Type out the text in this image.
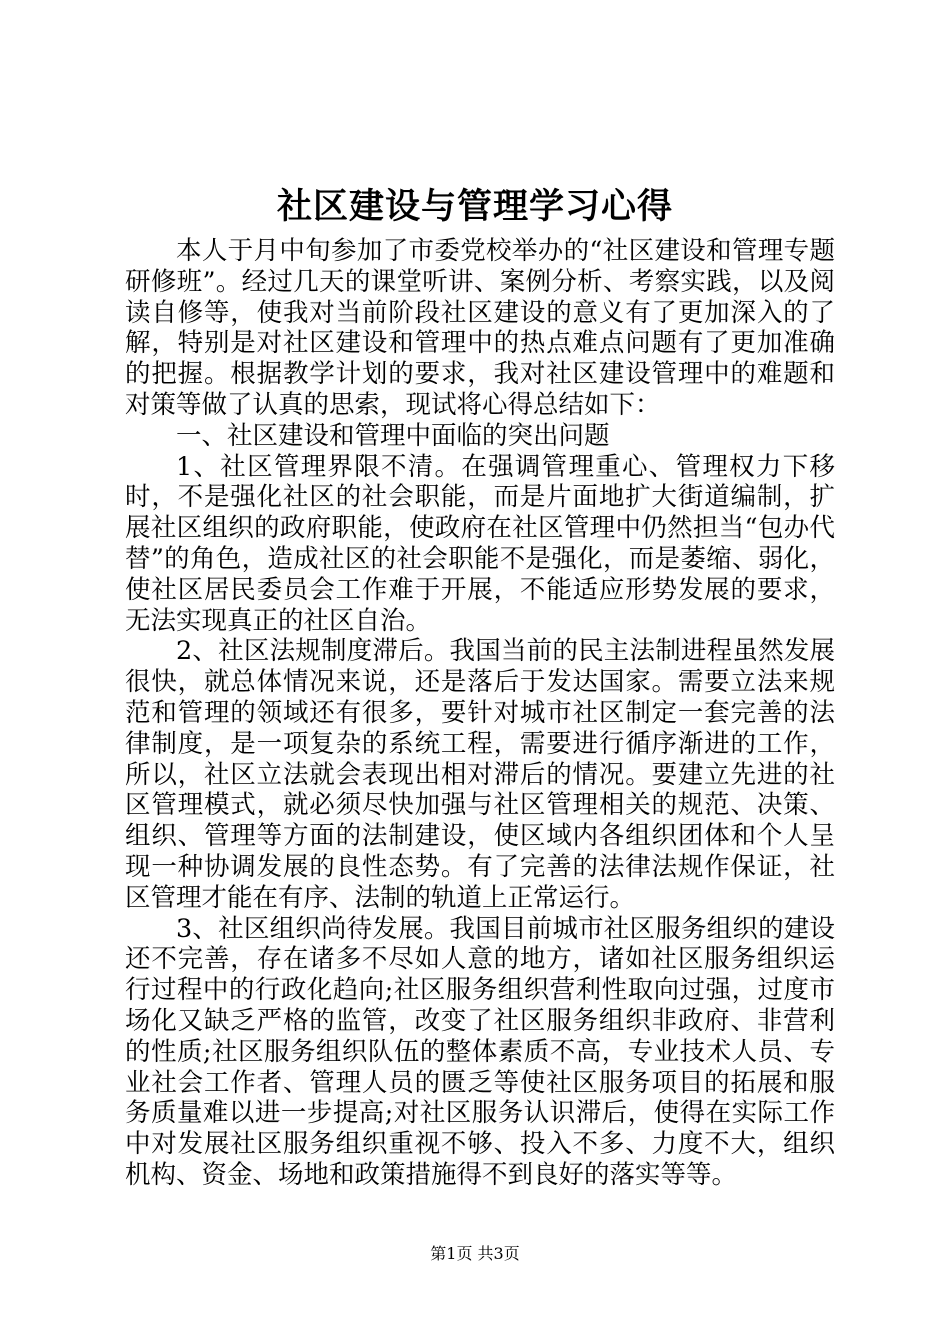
社区建设与管理学习心得

本人于月中旬参加了市委党校举办的“社区建设和管理专题研修班”。经过几天的课堂听讲、案例分析、考察实践，以及阅读自修等，使我对当前阶段社区建设的意义有了更加深入的了解，特别是对社区建设和管理中的热点难点问题有了更加准确的把握。根据教学计划的要求，我对社区建设管理中的难题和对策等做了认真的思索，现试将心得总结如下：

一、社区建设和管理中面临的突出问题

1、社区管理界限不清。在强调管理重心、管理权力下移时，不是强化社区的社会职能，而是片面地扩大街道编制，扩展社区组织的政府职能，使政府在社区管理中仍然担当“包办代替”的角色，造成社区的社会职能不是强化，而是萎缩、弱化，使社区居民委员会工作难于开展，不能适应形势发展的要求，无法实现真正的社区自治。

2、社区法规制度滞后。我国当前的民主法制进程虽然发展很快，就总体情况来说，还是落后于发达国家。需要立法来规范和管理的领域还有很多，要针对城市社区制定一套完善的法律制度，是一项复杂的系统工程，需要进行循序渐进的工作，所以，社区立法就会表现出相对滞后的情况。要建立先进的社区管理模式，就必须尽快加强与社区管理相关的规范、决策、组织、管理等方面的法制建设，使区域内各组织团体和个人呈现一种协调发展的良性态势。有了完善的法律法规作保证，社区管理才能在有序、法制的轨道上正常运行。

3、社区组织尚待发展。我国目前城市社区服务组织的建设还不完善，存在诸多不尽如人意的地方，诸如社区服务组织运行过程中的行政化趋向;社区服务组织营利性取向过强，过度市场化又缺乏严格的监管，改变了社区服务组织非政府、非营利的性质;社区服务组织队伍的整体素质不高，专业技术人员、专业社会工作者、管理人员的匮乏等使社区服务项目的拓展和服务质量难以进一步提高;对社区服务认识滞后，使得在实际工作中对发展社区服务组织重视不够、投入不多、力度不大，组织机构、资金、场地和政策措施得不到良好的落实等等。

第1页 共3页
